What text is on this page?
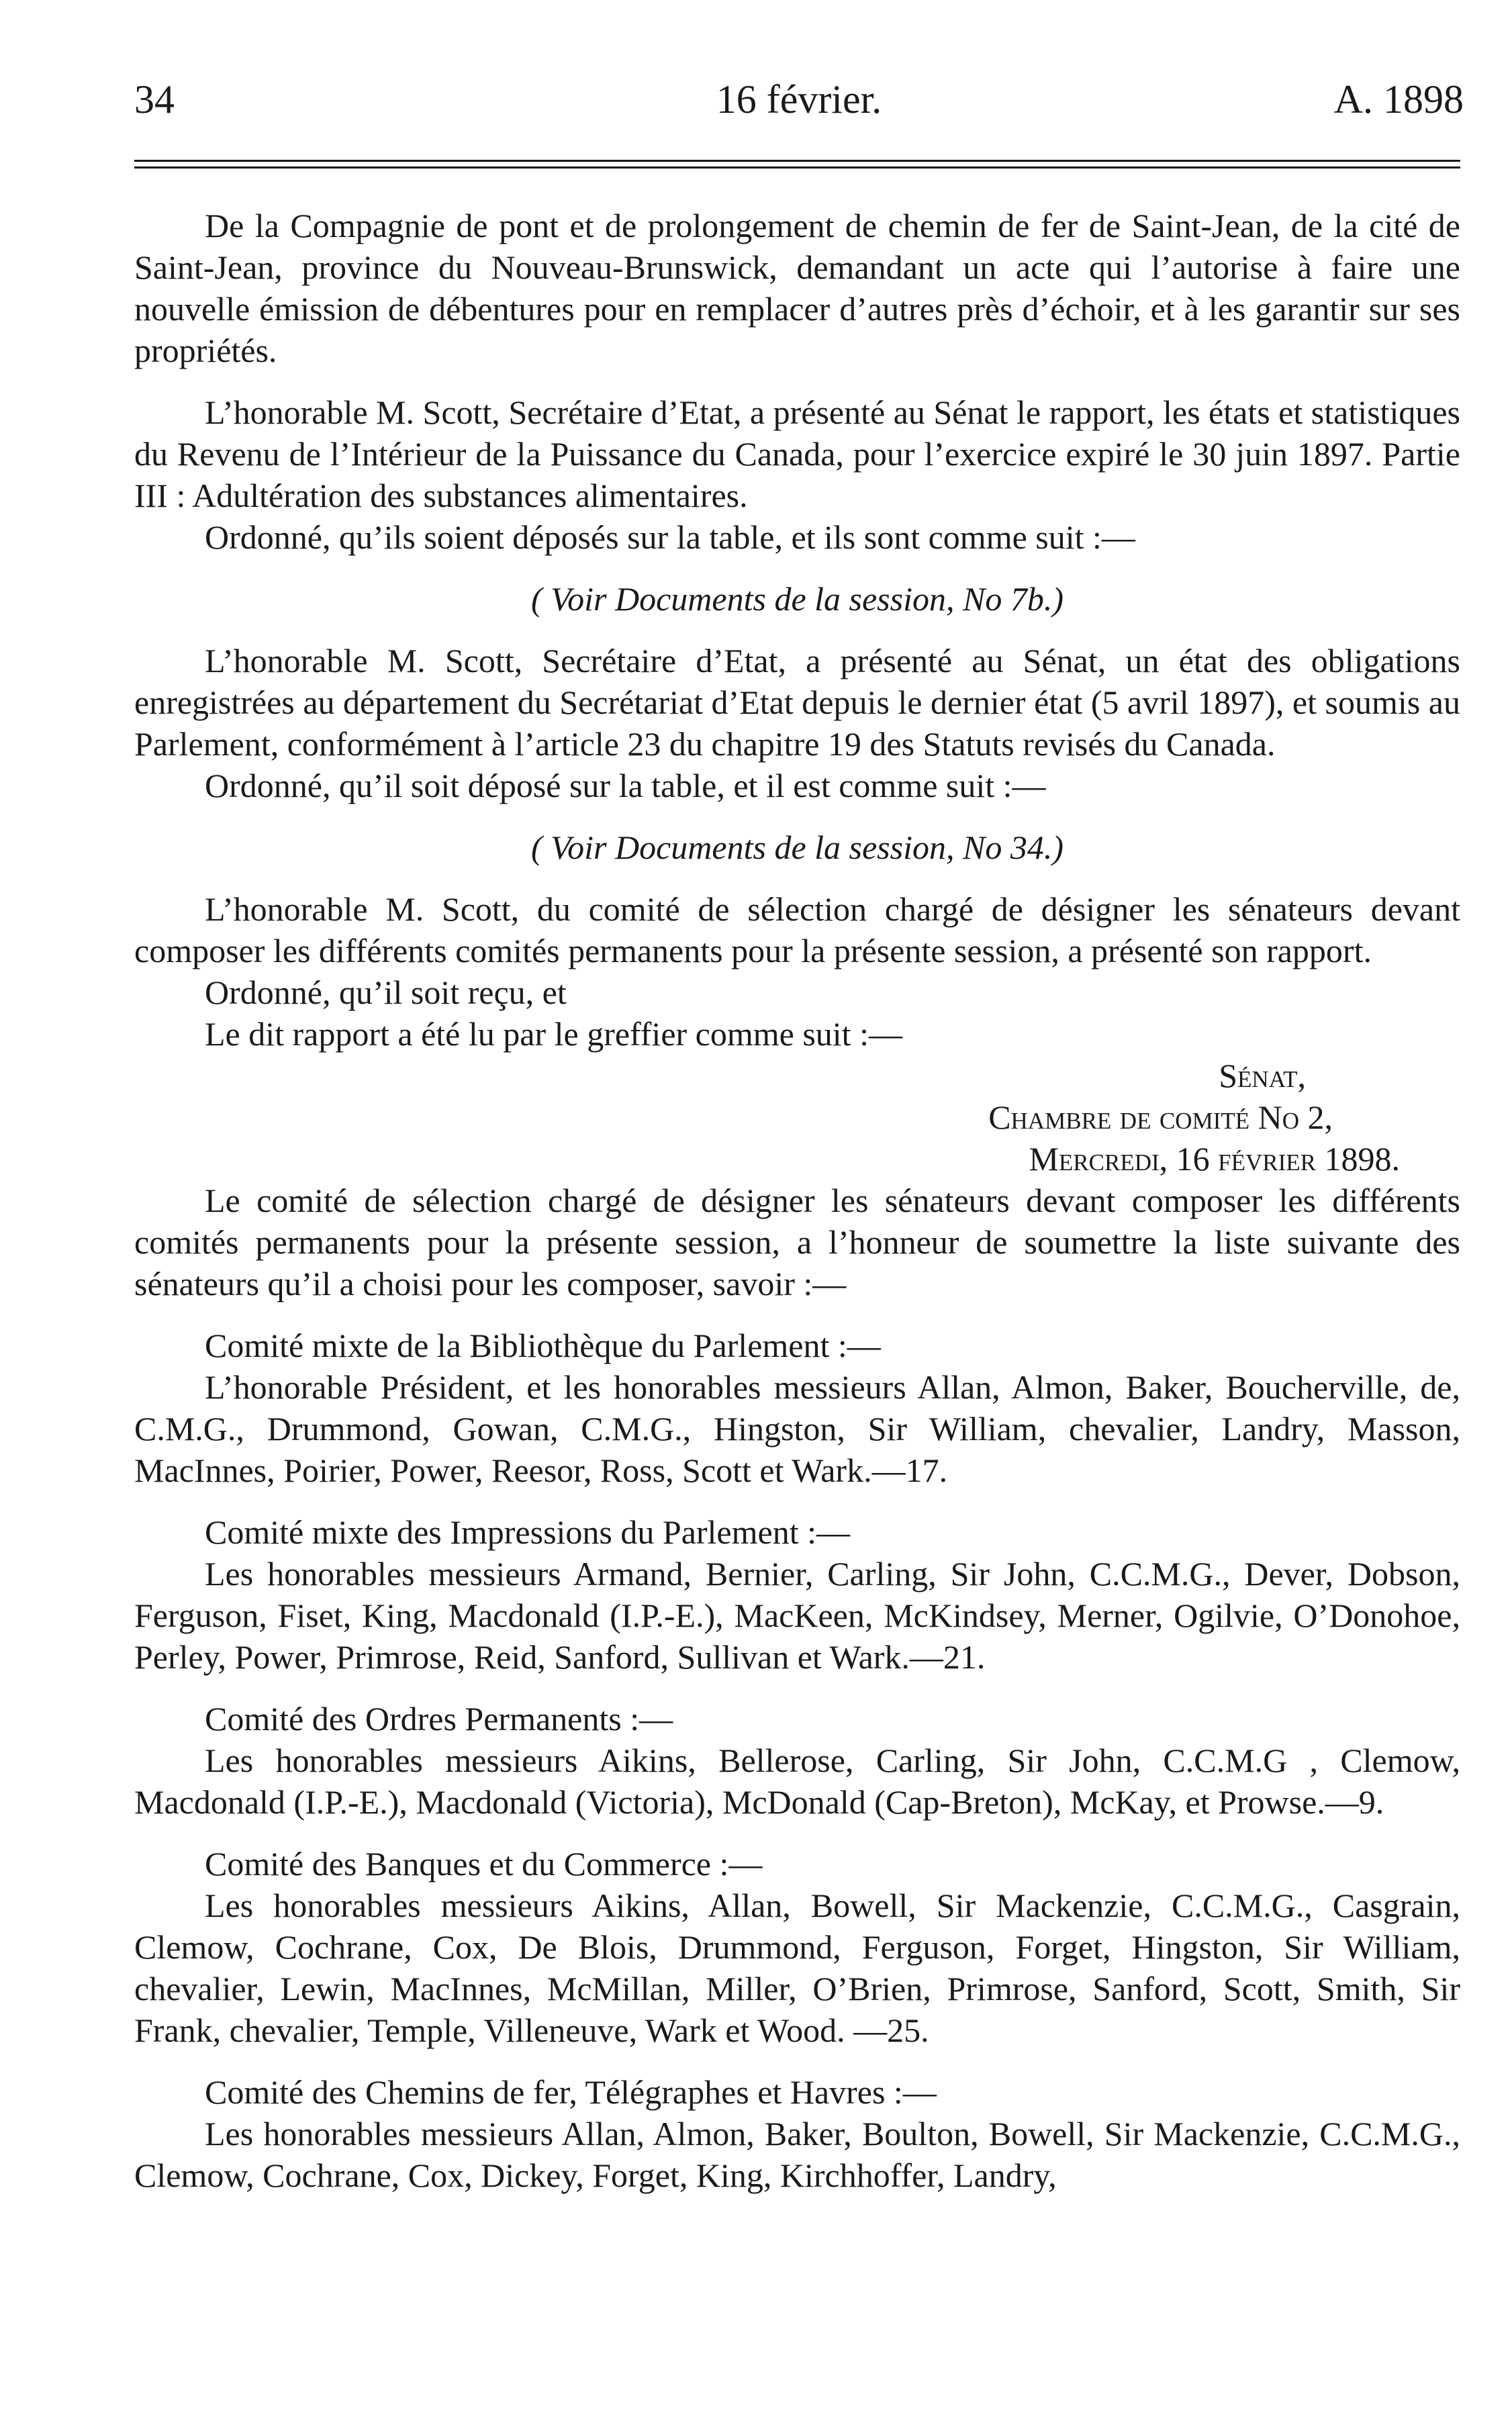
34	16 février.	A. 1898

De la Compagnie de pont et de prolongement de chemin de fer de Saint-Jean, de la cité de Saint-Jean, province du Nouveau-Brunswick, demandant un acte qui l’autorise à faire une nouvelle émission de débentures pour en remplacer d’autres près d’échoir, et à les garantir sur ses propriétés.

L’honorable M. Scott, Secrétaire d’Etat, a présenté au Sénat le rapport, les états et statistiques du Revenu de l’Intérieur de la Puissance du Canada, pour l’exercice expiré le 30 juin 1897. Partie III : Adultération des substances alimentaires.

Ordonné, qu’ils soient déposés sur la table, et ils sont comme suit :—

( Voir Documents de la session, No 7b.)

L’honorable M. Scott, Secrétaire d’Etat, a présenté au Sénat, un état des obligations enregistrées au département du Secrétariat d’Etat depuis le dernier état (5 avril 1897), et soumis au Parlement, conformément à l’article 23 du chapitre 19 des Statuts revisés du Canada.

Ordonné, qu’il soit déposé sur la table, et il est comme suit :—

( Voir Documents de la session, No 34.)

L’honorable M. Scott, du comité de sélection chargé de désigner les sénateurs devant composer les différents comités permanents pour la présente session, a présenté son rapport.

Ordonné, qu’il soit reçu, et

Le dit rapport a été lu par le greffier comme suit :—

Sénat,

Chambre de comité No 2,

Mercredi, 16 février 1898.

Le comité de sélection chargé de désigner les sénateurs devant composer les différents comités permanents pour la présente session, a l’honneur de soumettre la liste suivante des sénateurs qu’il a choisi pour les composer, savoir :—

Comité mixte de la Bibliothèque du Parlement :—

L’honorable Président, et les honorables messieurs Allan, Almon, Baker, Boucherville, de, C.M.G., Drummond, Gowan, C.M.G., Hingston, Sir William, chevalier, Landry, Masson, MacInnes, Poirier, Power, Reesor, Ross, Scott et Wark.—17.

Comité mixte des Impressions du Parlement :—

Les honorables messieurs Armand, Bernier, Carling, Sir John, C.C.M.G., Dever, Dobson, Ferguson, Fiset, King, Macdonald (I.P.-E.), MacKeen, McKindsey, Merner, Ogilvie, O’Donohoe, Perley, Power, Primrose, Reid, Sanford, Sullivan et Wark.—21.

Comité des Ordres Permanents :—

Les honorables messieurs Aikins, Bellerose, Carling, Sir John, C.C.M.G , Clemow, Macdonald (I.P.-E.), Macdonald (Victoria), McDonald (Cap-Breton), McKay, et Prowse.—9.

Comité des Banques et du Commerce :—

Les honorables messieurs Aikins, Allan, Bowell, Sir Mackenzie, C.C.M.G., Casgrain, Clemow, Cochrane, Cox, De Blois, Drummond, Ferguson, Forget, Hingston, Sir William, chevalier, Lewin, MacInnes, McMillan, Miller, O’Brien, Primrose, Sanford, Scott, Smith, Sir Frank, chevalier, Temple, Villeneuve, Wark et Wood. —25.

Comité des Chemins de fer, Télégraphes et Havres :—

Les honorables messieurs Allan, Almon, Baker, Boulton, Bowell, Sir Mackenzie, C.C.M.G., Clemow, Cochrane, Cox, Dickey, Forget, King, Kirchhoffer, Landry,
